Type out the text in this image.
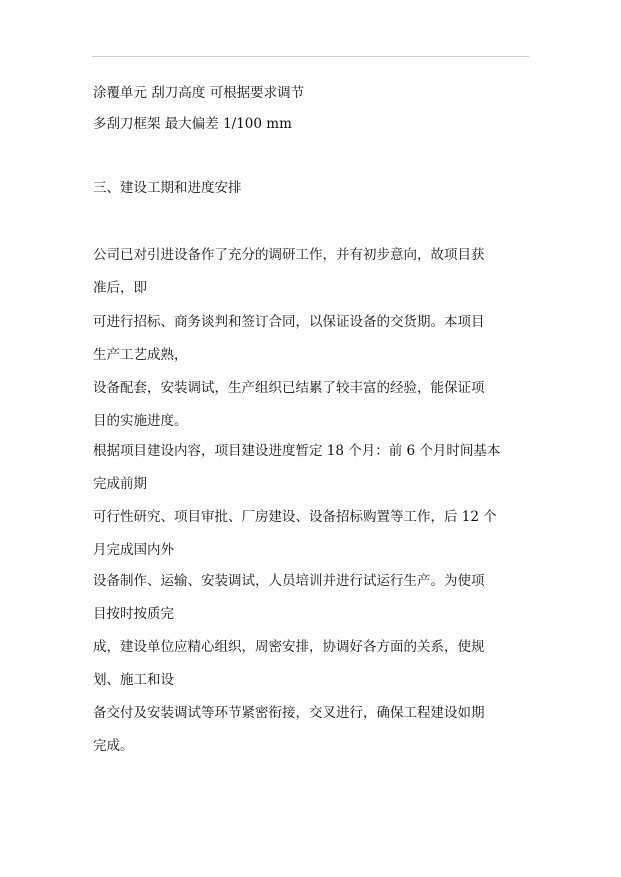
涂覆单元 刮刀高度 可根据要求调节
多刮刀框架 最大偏差 1/100 mm
三、建设工期和进度安排
公司已对引进设备作了充分的调研工作，并有初步意向，故项目获
准后，即
可进行招标、商务谈判和签订合同，以保证设备的交货期。本项目
生产工艺成熟，
设备配套，安装调试，生产组织已结累了较丰富的经验，能保证项
目的实施进度。
根据项目建设内容，项目建设进度暂定 18 个月：前 6 个月时间基本
完成前期
可行性研究、项目审批、厂房建设、设备招标购置等工作，后 12 个
月完成国内外
设备制作、运输、安装调试，人员培训并进行试运行生产。为使项
目按时按质完
成，建设单位应精心组织，周密安排，协调好各方面的关系，使规
划、施工和设
备交付及安装调试等环节紧密衔接，交叉进行，确保工程建设如期
完成。
